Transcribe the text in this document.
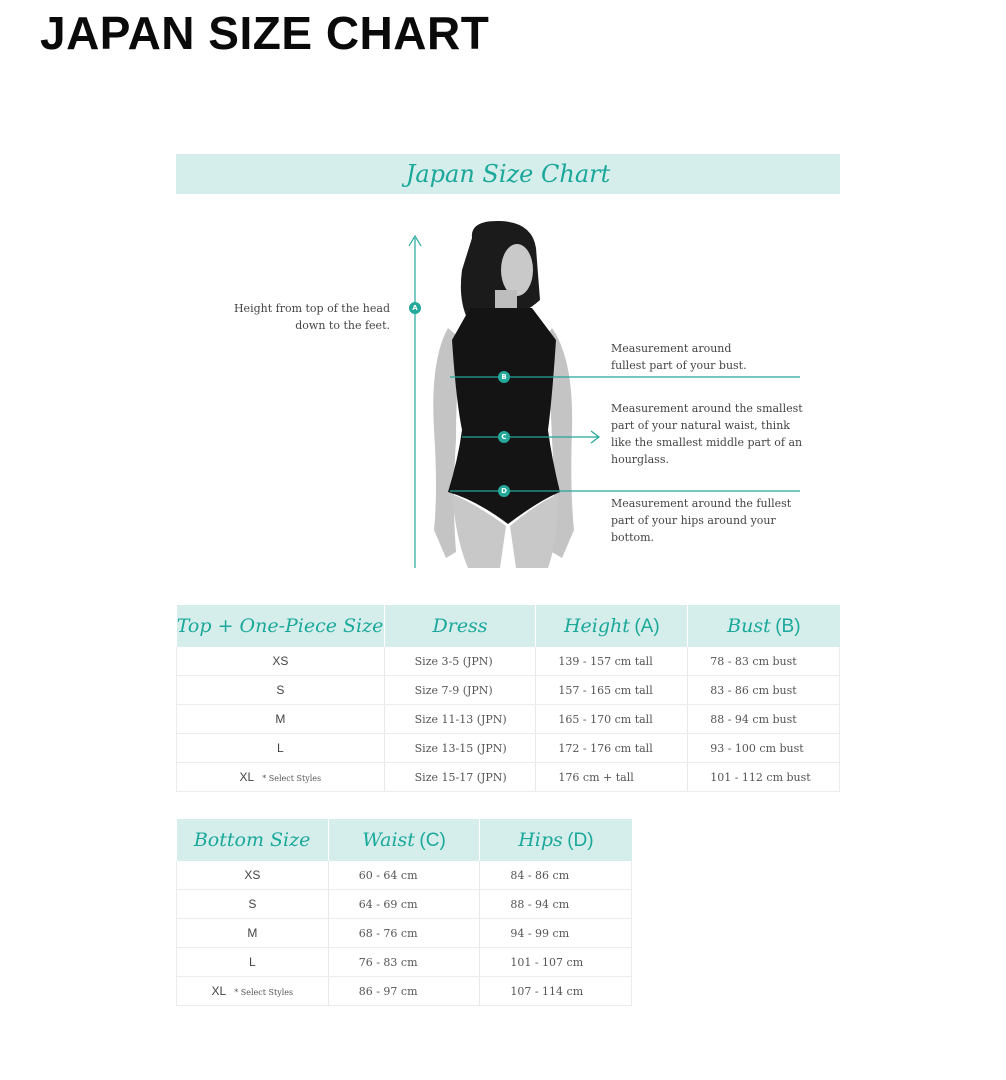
JAPAN SIZE CHART
Japan Size Chart
A
B
C
D
Height from top of the head
down to the feet.
Measurement around
fullest part of your bust.
Measurement around the smallest
part of your natural waist, think
like the smallest middle part of an
hourglass.
Measurement around the fullest
part of your hips around your
bottom.
Top + One-Piece Size	Dress	Height (A)	Bust (B)
XS	Size 3-5 (JPN)	139 - 157 cm tall	78 - 83 cm bust
S	Size 7-9 (JPN)	157 - 165 cm tall	83 - 86 cm bust
M	Size 11-13 (JPN)	165 - 170 cm tall	88 - 94 cm bust
L	Size 13-15 (JPN)	172 - 176 cm tall	93 - 100 cm bust
XL * Select Styles	Size 15-17 (JPN)	176 cm + tall	101 - 112 cm bust
Bottom Size	Waist (C)	Hips (D)
XS	60 - 64 cm	84 - 86 cm
S	64 - 69 cm	88 - 94 cm
M	68 - 76 cm	94 - 99 cm
L	76 - 83 cm	101 - 107 cm
XL * Select Styles	86 - 97 cm	107 - 114 cm
